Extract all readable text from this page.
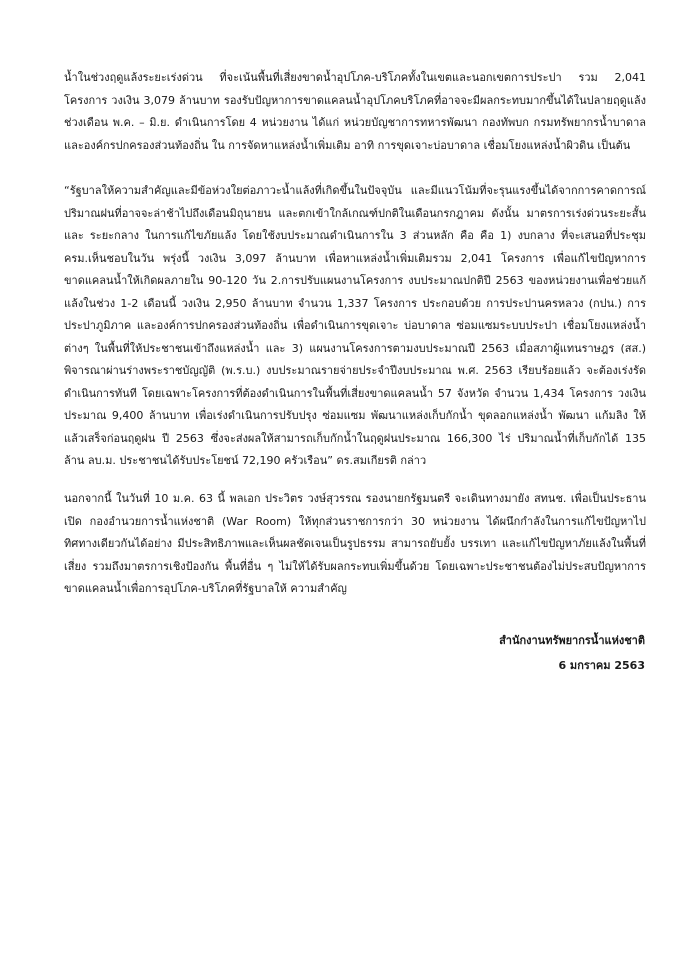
น้ำในช่วงฤดูแล้งระยะเร่งด่วน ที่จะเน้นพื้นที่เสี่ยงขาดน้ำอุปโภค-บริโภคทั้งในเขตและนอกเขตการประปา รวม 2,041 โครงการ วงเงิน 3,079 ล้านบาท รองรับปัญหาการขาดแคลนน้ำอุปโภคบริโภคที่อาจจะมีผลกระทบมากขึ้นได้ในปลายฤดูแล้งช่วงเดือน พ.ค. – มิ.ย. ดำเนินการโดย 4 หน่วยงาน ได้แก่ หน่วยบัญชาการทหารพัฒนา กองทัพบก กรมทรัพยากรน้ำบาดาล และองค์กรปกครองส่วนท้องถิ่น ใน การจัดหาแหล่งน้ำเพิ่มเติม อาทิ การขุดเจาะบ่อบาดาล เชื่อมโยงแหล่งน้ำผิวดิน เป็นต้น

“รัฐบาลให้ความสำคัญและมีข้อห่วงใยต่อภาวะน้ำแล้งที่เกิดขึ้นในปัจจุบัน และมีแนวโน้มที่จะรุนแรงขึ้นได้จากการคาดการณ์ ปริมาณฝนที่อาจจะล่าช้าไปถึงเดือนมิถุนายน และตกเข้าใกล้เกณฑ์ปกติในเดือนกรกฎาคม ดังนั้น มาตรการเร่งด่วนระยะสั้น และ ระยะกลาง ในการแก้ไขภัยแล้ง โดยใช้งบประมาณดำเนินการใน 3 ส่วนหลัก คือ คือ 1) งบกลาง ที่จะเสนอที่ประชุม ครม.เห็นชอบในวัน พรุ่งนี้ วงเงิน 3,097 ล้านบาท เพื่อหาแหล่งน้ำเพิ่มเติมรวม 2,041 โครงการ เพื่อแก้ไขปัญหาการขาดแคลนน้ำให้เกิดผลภายใน 90-120 วัน 2.การปรับแผนงานโครงการ งบประมาณปกติปี 2563 ของหน่วยงานเพื่อช่วยแก้แล้งในช่วง 1-2 เดือนนี้ วงเงิน 2,950 ล้านบาท จำนวน 1,337 โครงการ ประกอบด้วย การประปานครหลวง (กปน.) การประปาภูมิภาค และองค์การปกครองส่วนท้องถิ่น เพื่อดำเนินการขุดเจาะ บ่อบาดาล ซ่อมแซมระบบประปา เชื่อมโยงแหล่งน้ำต่างๆ ในพื้นที่ให้ประชาชนเข้าถึงแหล่งน้ำ และ 3) แผนงานโครงการตามงบประมาณปี 2563 เมื่อสภาผู้แทนราษฎร (สส.) พิจารณาผ่านร่างพระราชบัญญัติ (พ.ร.บ.) งบประมาณรายจ่ายประจำปีงบประมาณ พ.ศ. 2563 เรียบร้อยแล้ว จะต้องเร่งรัดดำเนินการทันที โดยเฉพาะโครงการที่ต้องดำเนินการในพื้นที่เสี่ยงขาดแคลนน้ำ 57 จังหวัด จำนวน 1,434 โครงการ วงเงินประมาณ 9,400 ล้านบาท เพื่อเร่งดำเนินการปรับปรุง ซ่อมแซม พัฒนาแหล่งเก็บกักน้ำ ขุดลอกแหล่งน้ำ พัฒนา แก้มลิง ให้แล้วเสร็จก่อนฤดูฝน ปี 2563 ซึ่งจะส่งผลให้สามารถเก็บกักน้ำในฤดูฝนประมาณ 166,300 ไร่ ปริมาณน้ำที่เก็บกักได้ 135 ล้าน ลบ.ม. ประชาชนได้รับประโยชน์ 72,190 ครัวเรือน” ดร.สมเกียรติ กล่าว

นอกจากนี้ ในวันที่ 10 ม.ค. 63 นี้ พลเอก ประวิตร วงษ์สุวรรณ รองนายกรัฐมนตรี จะเดินทางมายัง สทนช. เพื่อเป็นประธานเปิด กองอำนวยการน้ำแห่งชาติ (War Room) ให้ทุกส่วนราชการกว่า 30 หน่วยงาน ได้ผนึกกำลังในการแก้ไขปัญหาไปทิศทางเดียวกันได้อย่าง มีประสิทธิภาพและเห็นผลชัดเจนเป็นรูปธรรม สามารถยับยั้ง บรรเทา และแก้ไขปัญหาภัยแล้งในพื้นที่เสี่ยง รวมถึงมาตรการเชิงป้องกัน พื้นที่อื่น ๆ ไม่ให้ได้รับผลกระทบเพิ่มขึ้นด้วย โดยเฉพาะประชาชนต้องไม่ประสบปัญหาการขาดแคลนน้ำเพื่อการอุปโภค-บริโภคที่รัฐบาลให้ ความสำคัญ

สำนักงานทรัพยากรน้ำแห่งชาติ
6 มกราคม 2563
